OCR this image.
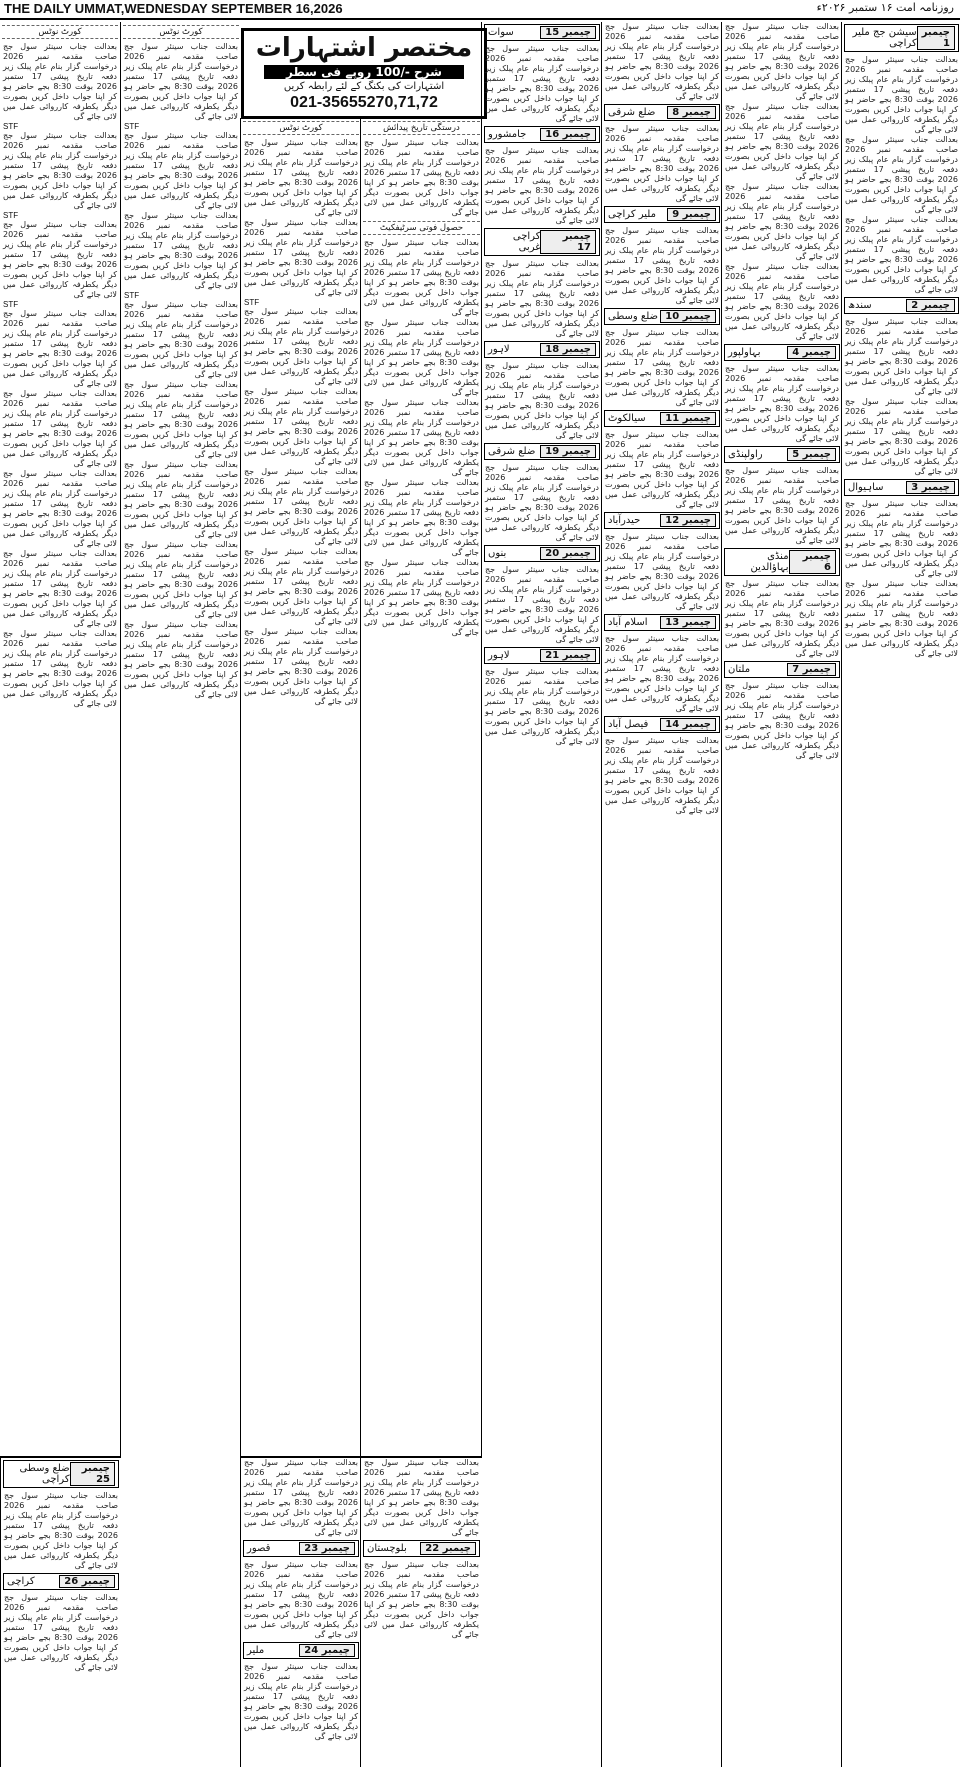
THE DAILY UMMAT,WEDNESDAY SEPTEMBER 16,2026	روزنامہ امت ۱۶ ستمبر ۲۰۲۶ء
کورٹ نوٹس
بعدالت جناب سینئر سول جج صاحب مقدمہ نمبر 2026 درخواست گزار بنام عام پبلک زیر دفعہ تاریخ پیشی 17 ستمبر 2026 بوقت 8:30 بجے حاضر ہو کر اپنا جواب داخل کریں بصورت دیگر یکطرفہ کارروائی عمل میں لائی جائے گی
STF
بعدالت جناب سینئر سول جج صاحب مقدمہ نمبر 2026 درخواست گزار بنام عام پبلک زیر دفعہ تاریخ پیشی 17 ستمبر 2026 بوقت 8:30 بجے حاضر ہو کر اپنا جواب داخل کریں بصورت دیگر یکطرفہ کارروائی عمل میں لائی جائے گی
STF
بعدالت جناب سینئر سول جج صاحب مقدمہ نمبر 2026 درخواست گزار بنام عام پبلک زیر دفعہ تاریخ پیشی 17 ستمبر 2026 بوقت 8:30 بجے حاضر ہو کر اپنا جواب داخل کریں بصورت دیگر یکطرفہ کارروائی عمل میں لائی جائے گی
STF
بعدالت جناب سینئر سول جج صاحب مقدمہ نمبر 2026 درخواست گزار بنام عام پبلک زیر دفعہ تاریخ پیشی 17 ستمبر 2026 بوقت 8:30 بجے حاضر ہو کر اپنا جواب داخل کریں بصورت دیگر یکطرفہ کارروائی عمل میں لائی جائے گی
بعدالت جناب سینئر سول جج صاحب مقدمہ نمبر 2026 درخواست گزار بنام عام پبلک زیر دفعہ تاریخ پیشی 17 ستمبر 2026 بوقت 8:30 بجے حاضر ہو کر اپنا جواب داخل کریں بصورت دیگر یکطرفہ کارروائی عمل میں لائی جائے گی
بعدالت جناب سینئر سول جج صاحب مقدمہ نمبر 2026 درخواست گزار بنام عام پبلک زیر دفعہ تاریخ پیشی 17 ستمبر 2026 بوقت 8:30 بجے حاضر ہو کر اپنا جواب داخل کریں بصورت دیگر یکطرفہ کارروائی عمل میں لائی جائے گی
بعدالت جناب سینئر سول جج صاحب مقدمہ نمبر 2026 درخواست گزار بنام عام پبلک زیر دفعہ تاریخ پیشی 17 ستمبر 2026 بوقت 8:30 بجے حاضر ہو کر اپنا جواب داخل کریں بصورت دیگر یکطرفہ کارروائی عمل میں لائی جائے گی
بعدالت جناب سینئر سول جج صاحب مقدمہ نمبر 2026 درخواست گزار بنام عام پبلک زیر دفعہ تاریخ پیشی 17 ستمبر 2026 بوقت 8:30 بجے حاضر ہو کر اپنا جواب داخل کریں بصورت دیگر یکطرفہ کارروائی عمل میں لائی جائے گی
کورٹ نوٹس
بعدالت جناب سینئر سول جج صاحب مقدمہ نمبر 2026 درخواست گزار بنام عام پبلک زیر دفعہ تاریخ پیشی 17 ستمبر 2026 بوقت 8:30 بجے حاضر ہو کر اپنا جواب داخل کریں بصورت دیگر یکطرفہ کارروائی عمل میں لائی جائے گی
STF
بعدالت جناب سینئر سول جج صاحب مقدمہ نمبر 2026 درخواست گزار بنام عام پبلک زیر دفعہ تاریخ پیشی 17 ستمبر 2026 بوقت 8:30 بجے حاضر ہو کر اپنا جواب داخل کریں بصورت دیگر یکطرفہ کارروائی عمل میں لائی جائے گی
بعدالت جناب سینئر سول جج صاحب مقدمہ نمبر 2026 درخواست گزار بنام عام پبلک زیر دفعہ تاریخ پیشی 17 ستمبر 2026 بوقت 8:30 بجے حاضر ہو کر اپنا جواب داخل کریں بصورت دیگر یکطرفہ کارروائی عمل میں لائی جائے گی
STF
بعدالت جناب سینئر سول جج صاحب مقدمہ نمبر 2026 درخواست گزار بنام عام پبلک زیر دفعہ تاریخ پیشی 17 ستمبر 2026 بوقت 8:30 بجے حاضر ہو کر اپنا جواب داخل کریں بصورت دیگر یکطرفہ کارروائی عمل میں لائی جائے گی
بعدالت جناب سینئر سول جج صاحب مقدمہ نمبر 2026 درخواست گزار بنام عام پبلک زیر دفعہ تاریخ پیشی 17 ستمبر 2026 بوقت 8:30 بجے حاضر ہو کر اپنا جواب داخل کریں بصورت دیگر یکطرفہ کارروائی عمل میں لائی جائے گی
بعدالت جناب سینئر سول جج صاحب مقدمہ نمبر 2026 درخواست گزار بنام عام پبلک زیر دفعہ تاریخ پیشی 17 ستمبر 2026 بوقت 8:30 بجے حاضر ہو کر اپنا جواب داخل کریں بصورت دیگر یکطرفہ کارروائی عمل میں لائی جائے گی
بعدالت جناب سینئر سول جج صاحب مقدمہ نمبر 2026 درخواست گزار بنام عام پبلک زیر دفعہ تاریخ پیشی 17 ستمبر 2026 بوقت 8:30 بجے حاضر ہو کر اپنا جواب داخل کریں بصورت دیگر یکطرفہ کارروائی عمل میں لائی جائے گی
بعدالت جناب سینئر سول جج صاحب مقدمہ نمبر 2026 درخواست گزار بنام عام پبلک زیر دفعہ تاریخ پیشی 17 ستمبر 2026 بوقت 8:30 بجے حاضر ہو کر اپنا جواب داخل کریں بصورت دیگر یکطرفہ کارروائی عمل میں لائی جائے گی
مختصر اشتہارات
شرح -/100 روپے فی سطر
اشتہارات کی بکنگ کے لئے رابطہ کریں
021-35655270,71,72
کورٹ نوٹس
بعدالت جناب سینئر سول جج صاحب مقدمہ نمبر 2026 درخواست گزار بنام عام پبلک زیر دفعہ تاریخ پیشی 17 ستمبر 2026 بوقت 8:30 بجے حاضر ہو کر اپنا جواب داخل کریں بصورت دیگر یکطرفہ کارروائی عمل میں لائی جائے گی
بعدالت جناب سینئر سول جج صاحب مقدمہ نمبر 2026 درخواست گزار بنام عام پبلک زیر دفعہ تاریخ پیشی 17 ستمبر 2026 بوقت 8:30 بجے حاضر ہو کر اپنا جواب داخل کریں بصورت دیگر یکطرفہ کارروائی عمل میں لائی جائے گی
STF
بعدالت جناب سینئر سول جج صاحب مقدمہ نمبر 2026 درخواست گزار بنام عام پبلک زیر دفعہ تاریخ پیشی 17 ستمبر 2026 بوقت 8:30 بجے حاضر ہو کر اپنا جواب داخل کریں بصورت دیگر یکطرفہ کارروائی عمل میں لائی جائے گی
بعدالت جناب سینئر سول جج صاحب مقدمہ نمبر 2026 درخواست گزار بنام عام پبلک زیر دفعہ تاریخ پیشی 17 ستمبر 2026 بوقت 8:30 بجے حاضر ہو کر اپنا جواب داخل کریں بصورت دیگر یکطرفہ کارروائی عمل میں لائی جائے گی
بعدالت جناب سینئر سول جج صاحب مقدمہ نمبر 2026 درخواست گزار بنام عام پبلک زیر دفعہ تاریخ پیشی 17 ستمبر 2026 بوقت 8:30 بجے حاضر ہو کر اپنا جواب داخل کریں بصورت دیگر یکطرفہ کارروائی عمل میں لائی جائے گی
بعدالت جناب سینئر سول جج صاحب مقدمہ نمبر 2026 درخواست گزار بنام عام پبلک زیر دفعہ تاریخ پیشی 17 ستمبر 2026 بوقت 8:30 بجے حاضر ہو کر اپنا جواب داخل کریں بصورت دیگر یکطرفہ کارروائی عمل میں لائی جائے گی
بعدالت جناب سینئر سول جج صاحب مقدمہ نمبر 2026 درخواست گزار بنام عام پبلک زیر دفعہ تاریخ پیشی 17 ستمبر 2026 بوقت 8:30 بجے حاضر ہو کر اپنا جواب داخل کریں بصورت دیگر یکطرفہ کارروائی عمل میں لائی جائے گی
درستگی تاریخ پیدائش
بعدالت جناب سینئر سول جج صاحب مقدمہ نمبر 2026 درخواست گزار بنام عام پبلک زیر دفعہ تاریخ پیشی 17 ستمبر 2026 بوقت 8:30 بجے حاضر ہو کر اپنا جواب داخل کریں بصورت دیگر یکطرفہ کارروائی عمل میں لائی جائے گی
حصول فوتی سرٹیفکیٹ
بعدالت جناب سینئر سول جج صاحب مقدمہ نمبر 2026 درخواست گزار بنام عام پبلک زیر دفعہ تاریخ پیشی 17 ستمبر 2026 بوقت 8:30 بجے حاضر ہو کر اپنا جواب داخل کریں بصورت دیگر یکطرفہ کارروائی عمل میں لائی جائے گی
بعدالت جناب سینئر سول جج صاحب مقدمہ نمبر 2026 درخواست گزار بنام عام پبلک زیر دفعہ تاریخ پیشی 17 ستمبر 2026 بوقت 8:30 بجے حاضر ہو کر اپنا جواب داخل کریں بصورت دیگر یکطرفہ کارروائی عمل میں لائی جائے گی
بعدالت جناب سینئر سول جج صاحب مقدمہ نمبر 2026 درخواست گزار بنام عام پبلک زیر دفعہ تاریخ پیشی 17 ستمبر 2026 بوقت 8:30 بجے حاضر ہو کر اپنا جواب داخل کریں بصورت دیگر یکطرفہ کارروائی عمل میں لائی جائے گی
بعدالت جناب سینئر سول جج صاحب مقدمہ نمبر 2026 درخواست گزار بنام عام پبلک زیر دفعہ تاریخ پیشی 17 ستمبر 2026 بوقت 8:30 بجے حاضر ہو کر اپنا جواب داخل کریں بصورت دیگر یکطرفہ کارروائی عمل میں لائی جائے گی
بعدالت جناب سینئر سول جج صاحب مقدمہ نمبر 2026 درخواست گزار بنام عام پبلک زیر دفعہ تاریخ پیشی 17 ستمبر 2026 بوقت 8:30 بجے حاضر ہو کر اپنا جواب داخل کریں بصورت دیگر یکطرفہ کارروائی عمل میں لائی جائے گی
چیمبر 15
سوات
بعدالت جناب سینئر سول جج صاحب مقدمہ نمبر 2026 درخواست گزار بنام عام پبلک زیر دفعہ تاریخ پیشی 17 ستمبر 2026 بوقت 8:30 بجے حاضر ہو کر اپنا جواب داخل کریں بصورت دیگر یکطرفہ کارروائی عمل میں لائی جائے گی
چیمبر 16
جامشورو
بعدالت جناب سینئر سول جج صاحب مقدمہ نمبر 2026 درخواست گزار بنام عام پبلک زیر دفعہ تاریخ پیشی 17 ستمبر 2026 بوقت 8:30 بجے حاضر ہو کر اپنا جواب داخل کریں بصورت دیگر یکطرفہ کارروائی عمل میں لائی جائے گی
چیمبر 17
کراچی غربی
بعدالت جناب سینئر سول جج صاحب مقدمہ نمبر 2026 درخواست گزار بنام عام پبلک زیر دفعہ تاریخ پیشی 17 ستمبر 2026 بوقت 8:30 بجے حاضر ہو کر اپنا جواب داخل کریں بصورت دیگر یکطرفہ کارروائی عمل میں لائی جائے گی
چیمبر 18
لاہور
بعدالت جناب سینئر سول جج صاحب مقدمہ نمبر 2026 درخواست گزار بنام عام پبلک زیر دفعہ تاریخ پیشی 17 ستمبر 2026 بوقت 8:30 بجے حاضر ہو کر اپنا جواب داخل کریں بصورت دیگر یکطرفہ کارروائی عمل میں لائی جائے گی
چیمبر 19
ضلع شرقی
بعدالت جناب سینئر سول جج صاحب مقدمہ نمبر 2026 درخواست گزار بنام عام پبلک زیر دفعہ تاریخ پیشی 17 ستمبر 2026 بوقت 8:30 بجے حاضر ہو کر اپنا جواب داخل کریں بصورت دیگر یکطرفہ کارروائی عمل میں لائی جائے گی
چیمبر 20
بنوں
بعدالت جناب سینئر سول جج صاحب مقدمہ نمبر 2026 درخواست گزار بنام عام پبلک زیر دفعہ تاریخ پیشی 17 ستمبر 2026 بوقت 8:30 بجے حاضر ہو کر اپنا جواب داخل کریں بصورت دیگر یکطرفہ کارروائی عمل میں لائی جائے گی
چیمبر 21
لاہور
بعدالت جناب سینئر سول جج صاحب مقدمہ نمبر 2026 درخواست گزار بنام عام پبلک زیر دفعہ تاریخ پیشی 17 ستمبر 2026 بوقت 8:30 بجے حاضر ہو کر اپنا جواب داخل کریں بصورت دیگر یکطرفہ کارروائی عمل میں لائی جائے گی
بعدالت جناب سینئر سول جج صاحب مقدمہ نمبر 2026 درخواست گزار بنام عام پبلک زیر دفعہ تاریخ پیشی 17 ستمبر 2026 بوقت 8:30 بجے حاضر ہو کر اپنا جواب داخل کریں بصورت دیگر یکطرفہ کارروائی عمل میں لائی جائے گی
چیمبر 8
ضلع شرقی
بعدالت جناب سینئر سول جج صاحب مقدمہ نمبر 2026 درخواست گزار بنام عام پبلک زیر دفعہ تاریخ پیشی 17 ستمبر 2026 بوقت 8:30 بجے حاضر ہو کر اپنا جواب داخل کریں بصورت دیگر یکطرفہ کارروائی عمل میں لائی جائے گی
چیمبر 9
ملیر کراچی
بعدالت جناب سینئر سول جج صاحب مقدمہ نمبر 2026 درخواست گزار بنام عام پبلک زیر دفعہ تاریخ پیشی 17 ستمبر 2026 بوقت 8:30 بجے حاضر ہو کر اپنا جواب داخل کریں بصورت دیگر یکطرفہ کارروائی عمل میں لائی جائے گی
چیمبر 10
ضلع وسطی
بعدالت جناب سینئر سول جج صاحب مقدمہ نمبر 2026 درخواست گزار بنام عام پبلک زیر دفعہ تاریخ پیشی 17 ستمبر 2026 بوقت 8:30 بجے حاضر ہو کر اپنا جواب داخل کریں بصورت دیگر یکطرفہ کارروائی عمل میں لائی جائے گی
چیمبر 11
سیالکوٹ
بعدالت جناب سینئر سول جج صاحب مقدمہ نمبر 2026 درخواست گزار بنام عام پبلک زیر دفعہ تاریخ پیشی 17 ستمبر 2026 بوقت 8:30 بجے حاضر ہو کر اپنا جواب داخل کریں بصورت دیگر یکطرفہ کارروائی عمل میں لائی جائے گی
چیمبر 12
حیدرآباد
بعدالت جناب سینئر سول جج صاحب مقدمہ نمبر 2026 درخواست گزار بنام عام پبلک زیر دفعہ تاریخ پیشی 17 ستمبر 2026 بوقت 8:30 بجے حاضر ہو کر اپنا جواب داخل کریں بصورت دیگر یکطرفہ کارروائی عمل میں لائی جائے گی
چیمبر 13
اسلام آباد
بعدالت جناب سینئر سول جج صاحب مقدمہ نمبر 2026 درخواست گزار بنام عام پبلک زیر دفعہ تاریخ پیشی 17 ستمبر 2026 بوقت 8:30 بجے حاضر ہو کر اپنا جواب داخل کریں بصورت دیگر یکطرفہ کارروائی عمل میں لائی جائے گی
چیمبر 14
فیصل آباد
بعدالت جناب سینئر سول جج صاحب مقدمہ نمبر 2026 درخواست گزار بنام عام پبلک زیر دفعہ تاریخ پیشی 17 ستمبر 2026 بوقت 8:30 بجے حاضر ہو کر اپنا جواب داخل کریں بصورت دیگر یکطرفہ کارروائی عمل میں لائی جائے گی
بعدالت جناب سینئر سول جج صاحب مقدمہ نمبر 2026 درخواست گزار بنام عام پبلک زیر دفعہ تاریخ پیشی 17 ستمبر 2026 بوقت 8:30 بجے حاضر ہو کر اپنا جواب داخل کریں بصورت دیگر یکطرفہ کارروائی عمل میں لائی جائے گی
بعدالت جناب سینئر سول جج صاحب مقدمہ نمبر 2026 درخواست گزار بنام عام پبلک زیر دفعہ تاریخ پیشی 17 ستمبر 2026 بوقت 8:30 بجے حاضر ہو کر اپنا جواب داخل کریں بصورت دیگر یکطرفہ کارروائی عمل میں لائی جائے گی
بعدالت جناب سینئر سول جج صاحب مقدمہ نمبر 2026 درخواست گزار بنام عام پبلک زیر دفعہ تاریخ پیشی 17 ستمبر 2026 بوقت 8:30 بجے حاضر ہو کر اپنا جواب داخل کریں بصورت دیگر یکطرفہ کارروائی عمل میں لائی جائے گی
بعدالت جناب سینئر سول جج صاحب مقدمہ نمبر 2026 درخواست گزار بنام عام پبلک زیر دفعہ تاریخ پیشی 17 ستمبر 2026 بوقت 8:30 بجے حاضر ہو کر اپنا جواب داخل کریں بصورت دیگر یکطرفہ کارروائی عمل میں لائی جائے گی
چیمبر 4
بہاولپور
بعدالت جناب سینئر سول جج صاحب مقدمہ نمبر 2026 درخواست گزار بنام عام پبلک زیر دفعہ تاریخ پیشی 17 ستمبر 2026 بوقت 8:30 بجے حاضر ہو کر اپنا جواب داخل کریں بصورت دیگر یکطرفہ کارروائی عمل میں لائی جائے گی
چیمبر 5
راولپنڈی
بعدالت جناب سینئر سول جج صاحب مقدمہ نمبر 2026 درخواست گزار بنام عام پبلک زیر دفعہ تاریخ پیشی 17 ستمبر 2026 بوقت 8:30 بجے حاضر ہو کر اپنا جواب داخل کریں بصورت دیگر یکطرفہ کارروائی عمل میں لائی جائے گی
چیمبر 6
منڈی بہاؤالدین
بعدالت جناب سینئر سول جج صاحب مقدمہ نمبر 2026 درخواست گزار بنام عام پبلک زیر دفعہ تاریخ پیشی 17 ستمبر 2026 بوقت 8:30 بجے حاضر ہو کر اپنا جواب داخل کریں بصورت دیگر یکطرفہ کارروائی عمل میں لائی جائے گی
چیمبر 7
ملتان
بعدالت جناب سینئر سول جج صاحب مقدمہ نمبر 2026 درخواست گزار بنام عام پبلک زیر دفعہ تاریخ پیشی 17 ستمبر 2026 بوقت 8:30 بجے حاضر ہو کر اپنا جواب داخل کریں بصورت دیگر یکطرفہ کارروائی عمل میں لائی جائے گی
چیمبر 1
سیشن جج ملیر کراچی
بعدالت جناب سینئر سول جج صاحب مقدمہ نمبر 2026 درخواست گزار بنام عام پبلک زیر دفعہ تاریخ پیشی 17 ستمبر 2026 بوقت 8:30 بجے حاضر ہو کر اپنا جواب داخل کریں بصورت دیگر یکطرفہ کارروائی عمل میں لائی جائے گی
بعدالت جناب سینئر سول جج صاحب مقدمہ نمبر 2026 درخواست گزار بنام عام پبلک زیر دفعہ تاریخ پیشی 17 ستمبر 2026 بوقت 8:30 بجے حاضر ہو کر اپنا جواب داخل کریں بصورت دیگر یکطرفہ کارروائی عمل میں لائی جائے گی
بعدالت جناب سینئر سول جج صاحب مقدمہ نمبر 2026 درخواست گزار بنام عام پبلک زیر دفعہ تاریخ پیشی 17 ستمبر 2026 بوقت 8:30 بجے حاضر ہو کر اپنا جواب داخل کریں بصورت دیگر یکطرفہ کارروائی عمل میں لائی جائے گی
چیمبر 2
سندھ
بعدالت جناب سینئر سول جج صاحب مقدمہ نمبر 2026 درخواست گزار بنام عام پبلک زیر دفعہ تاریخ پیشی 17 ستمبر 2026 بوقت 8:30 بجے حاضر ہو کر اپنا جواب داخل کریں بصورت دیگر یکطرفہ کارروائی عمل میں لائی جائے گی
بعدالت جناب سینئر سول جج صاحب مقدمہ نمبر 2026 درخواست گزار بنام عام پبلک زیر دفعہ تاریخ پیشی 17 ستمبر 2026 بوقت 8:30 بجے حاضر ہو کر اپنا جواب داخل کریں بصورت دیگر یکطرفہ کارروائی عمل میں لائی جائے گی
چیمبر 3
ساہیوال
بعدالت جناب سینئر سول جج صاحب مقدمہ نمبر 2026 درخواست گزار بنام عام پبلک زیر دفعہ تاریخ پیشی 17 ستمبر 2026 بوقت 8:30 بجے حاضر ہو کر اپنا جواب داخل کریں بصورت دیگر یکطرفہ کارروائی عمل میں لائی جائے گی
بعدالت جناب سینئر سول جج صاحب مقدمہ نمبر 2026 درخواست گزار بنام عام پبلک زیر دفعہ تاریخ پیشی 17 ستمبر 2026 بوقت 8:30 بجے حاضر ہو کر اپنا جواب داخل کریں بصورت دیگر یکطرفہ کارروائی عمل میں لائی جائے گی
چیمبر 25
ضلع وسطی کراچی
بعدالت جناب سینئر سول جج صاحب مقدمہ نمبر 2026 درخواست گزار بنام عام پبلک زیر دفعہ تاریخ پیشی 17 ستمبر 2026 بوقت 8:30 بجے حاضر ہو کر اپنا جواب داخل کریں بصورت دیگر یکطرفہ کارروائی عمل میں لائی جائے گی
چیمبر 26
کراچی
بعدالت جناب سینئر سول جج صاحب مقدمہ نمبر 2026 درخواست گزار بنام عام پبلک زیر دفعہ تاریخ پیشی 17 ستمبر 2026 بوقت 8:30 بجے حاضر ہو کر اپنا جواب داخل کریں بصورت دیگر یکطرفہ کارروائی عمل میں لائی جائے گی
بعدالت جناب سینئر سول جج صاحب مقدمہ نمبر 2026 درخواست گزار بنام عام پبلک زیر دفعہ تاریخ پیشی 17 ستمبر 2026 بوقت 8:30 بجے حاضر ہو کر اپنا جواب داخل کریں بصورت دیگر یکطرفہ کارروائی عمل میں لائی جائے گی
چیمبر 23
قصور
بعدالت جناب سینئر سول جج صاحب مقدمہ نمبر 2026 درخواست گزار بنام عام پبلک زیر دفعہ تاریخ پیشی 17 ستمبر 2026 بوقت 8:30 بجے حاضر ہو کر اپنا جواب داخل کریں بصورت دیگر یکطرفہ کارروائی عمل میں لائی جائے گی
چیمبر 24
ملیر
بعدالت جناب سینئر سول جج صاحب مقدمہ نمبر 2026 درخواست گزار بنام عام پبلک زیر دفعہ تاریخ پیشی 17 ستمبر 2026 بوقت 8:30 بجے حاضر ہو کر اپنا جواب داخل کریں بصورت دیگر یکطرفہ کارروائی عمل میں لائی جائے گی
بعدالت جناب سینئر سول جج صاحب مقدمہ نمبر 2026 درخواست گزار بنام عام پبلک زیر دفعہ تاریخ پیشی 17 ستمبر 2026 بوقت 8:30 بجے حاضر ہو کر اپنا جواب داخل کریں بصورت دیگر یکطرفہ کارروائی عمل میں لائی جائے گی
چیمبر 22
بلوچستان
بعدالت جناب سینئر سول جج صاحب مقدمہ نمبر 2026 درخواست گزار بنام عام پبلک زیر دفعہ تاریخ پیشی 17 ستمبر 2026 بوقت 8:30 بجے حاضر ہو کر اپنا جواب داخل کریں بصورت دیگر یکطرفہ کارروائی عمل میں لائی جائے گی
